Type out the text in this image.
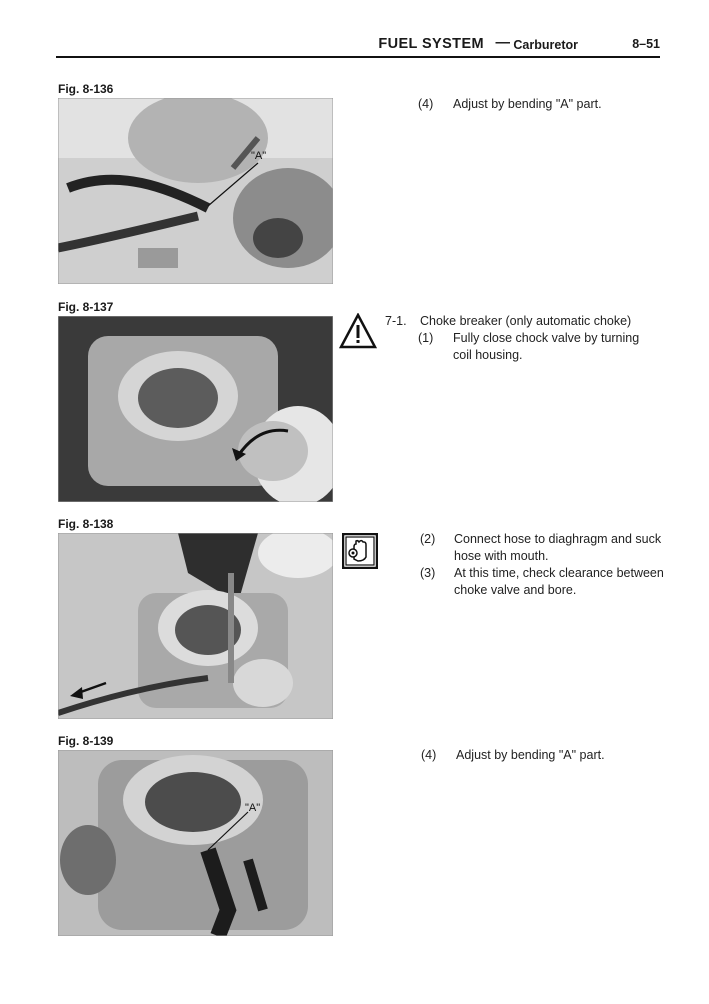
FUEL SYSTEM — Carburetor	8–51
Fig. 8-136
"A"
(4) Adjust by bending "A" part.
Fig. 8-137
7-1. Choke breaker (only automatic choke)
(1) Fully close chock valve by turning
coil housing.
Fig. 8-138
(2) Connect hose to diaghragm and suck
hose with mouth.
(3) At this time, check clearance between
choke valve and bore.
Fig. 8-139
"A"
(4) Adjust by bending "A" part.
